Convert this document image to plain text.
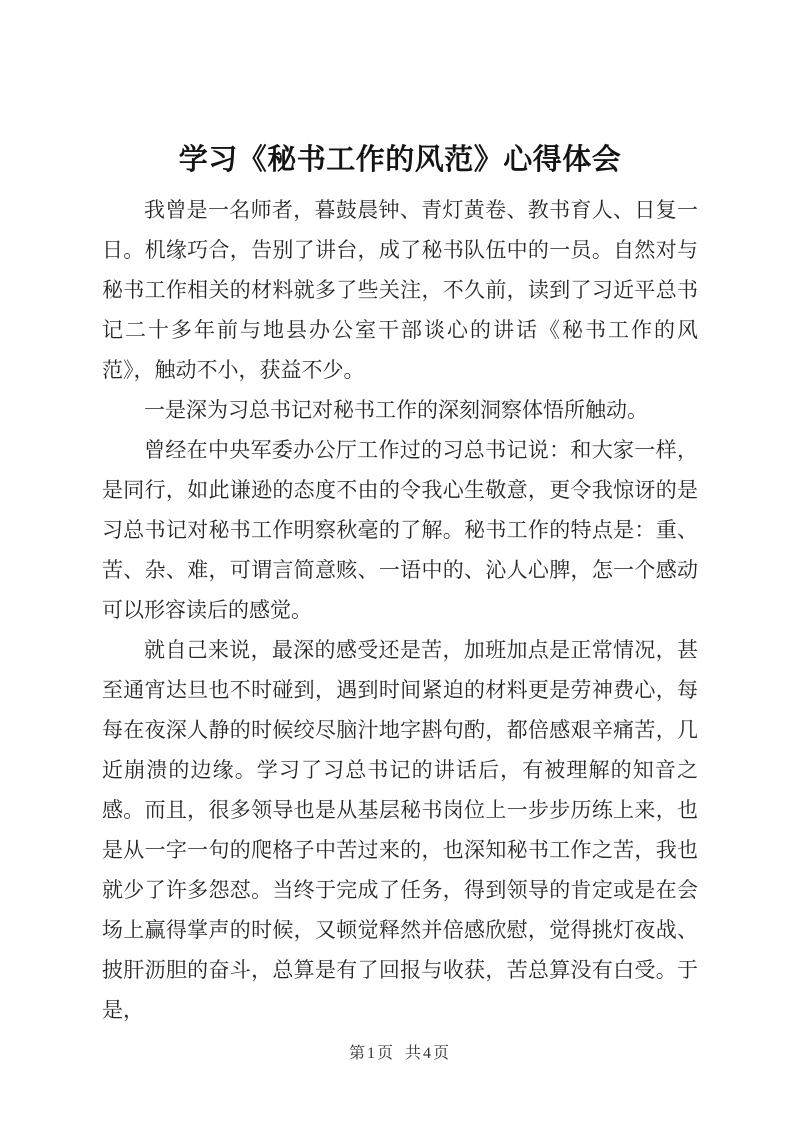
学习《秘书工作的风范》心得体会

我曾是一名师者，暮鼓晨钟、青灯黄卷、教书育人、日复一日。机缘巧合，告别了讲台，成了秘书队伍中的一员。自然对与秘书工作相关的材料就多了些关注，不久前，读到了习近平总书记二十多年前与地县办公室干部谈心的讲话《秘书工作的风范》，触动不小，获益不少。

一是深为习总书记对秘书工作的深刻洞察体悟所触动。

曾经在中央军委办公厅工作过的习总书记说：和大家一样，是同行，如此谦逊的态度不由的令我心生敬意，更令我惊讶的是习总书记对秘书工作明察秋毫的了解。秘书工作的特点是：重、苦、杂、难，可谓言简意赅、一语中的、沁人心脾，怎一个感动可以形容读后的感觉。

就自己来说，最深的感受还是苦，加班加点是正常情况，甚至通宵达旦也不时碰到，遇到时间紧迫的材料更是劳神费心，每每在夜深人静的时候绞尽脑汁地字斟句酌，都倍感艰辛痛苦，几近崩溃的边缘。学习了习总书记的讲话后，有被理解的知音之感。而且，很多领导也是从基层秘书岗位上一步步历练上来，也是从一字一句的爬格子中苦过来的，也深知秘书工作之苦，我也就少了许多怨怼。当终于完成了任务，得到领导的肯定或是在会场上赢得掌声的时候，又顿觉释然并倍感欣慰，觉得挑灯夜战、披肝沥胆的奋斗，总算是有了回报与收获，苦总算没有白受。于是，

第1页 共4页
